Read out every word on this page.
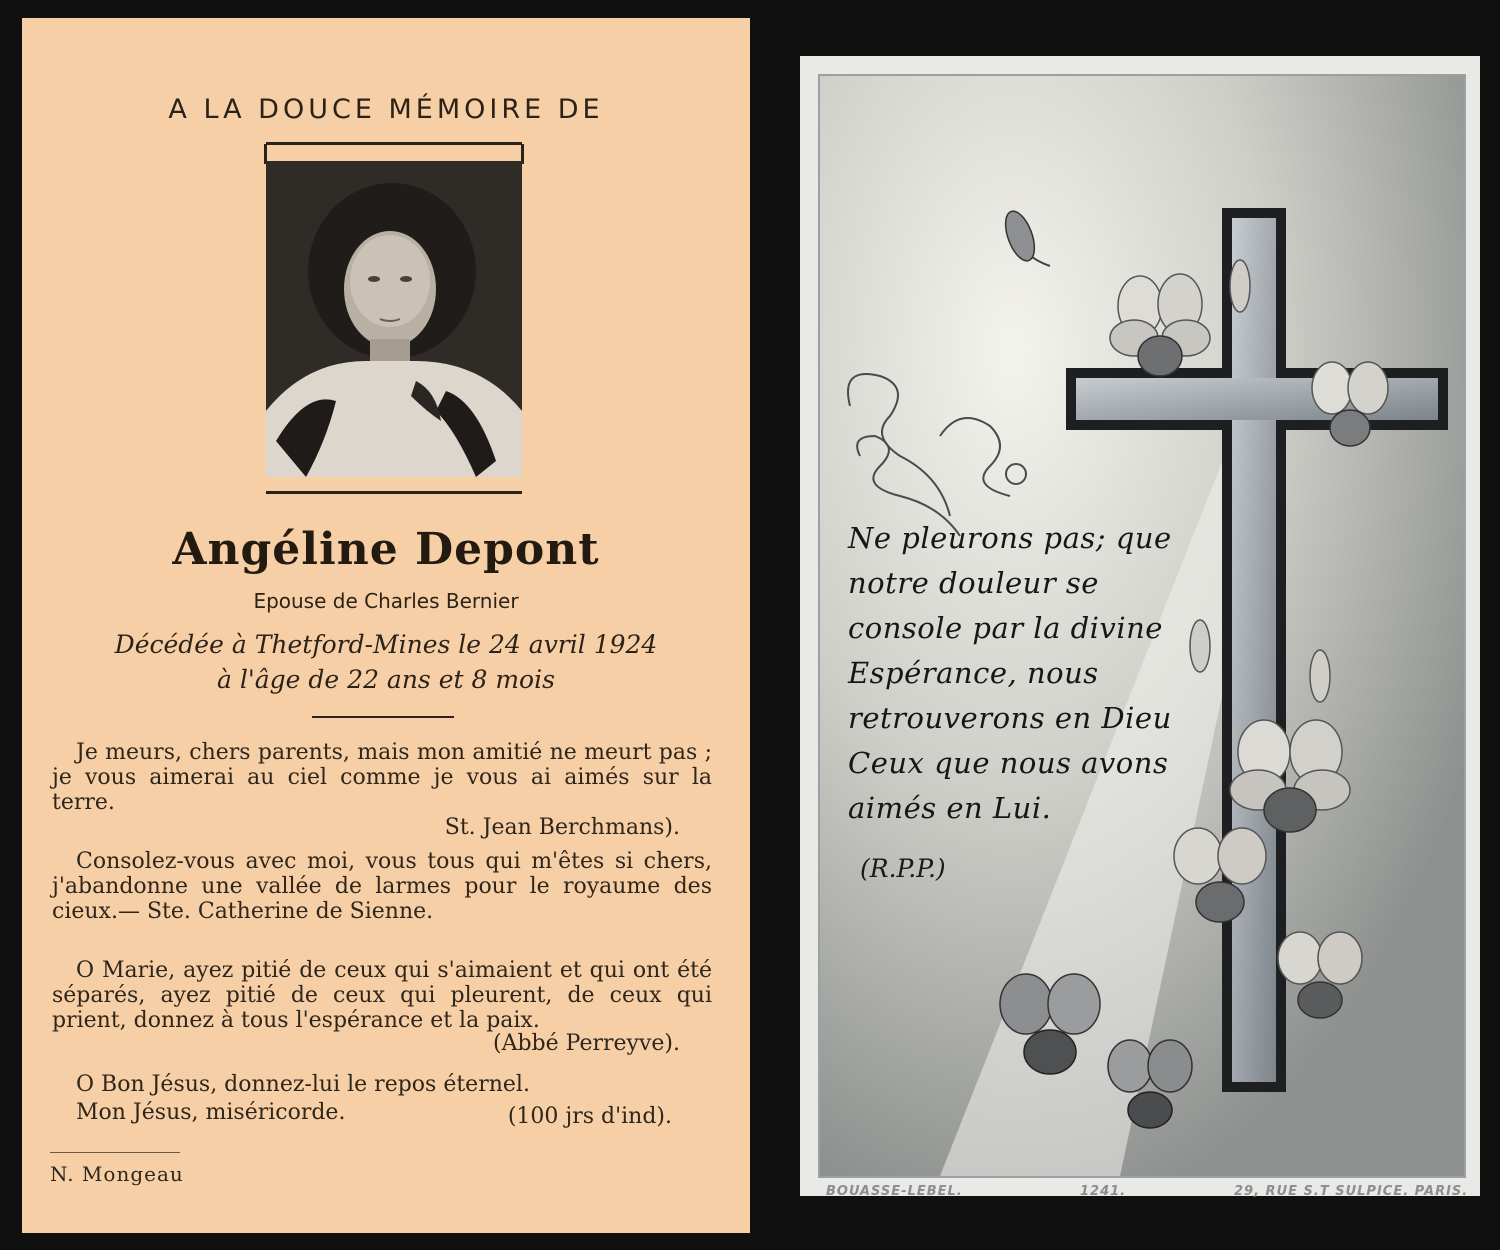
A LA DOUCE MÉMOIRE DE
Angéline Depont
Epouse de Charles Bernier
Décédée à Thetford-Mines le 24 avril 1924
à l'âge de 22 ans et 8 mois
Je meurs, chers parents, mais mon amitié ne meurt pas ; je vous aimerai au ciel comme je vous ai aimés sur la terre.
St. Jean Berchmans).
Consolez-vous avec moi, vous tous qui m'êtes si chers, j'abandonne une vallée de larmes pour le royaume des cieux.— Ste. Catherine de Sienne.
O Marie, ayez pitié de ceux qui s'aimaient et qui ont été séparés, ayez pitié de ceux qui pleurent, de ceux qui prient, donnez à tous l'espérance et la paix.
(Abbé Perreyve).
O Bon Jésus, donnez-lui le repos éternel.
Mon Jésus, miséricorde.	(100 jrs d'ind).
N. Mongeau
Ne pleurons pas; que notre douleur se console par la divine Espérance, nous retrouverons en Dieu Ceux que nous avons aimés en Lui.
(R.P.P.)
BOUASSE-LEBEL.	1241.	29, RUE S.T SULPICE. PARIS.
